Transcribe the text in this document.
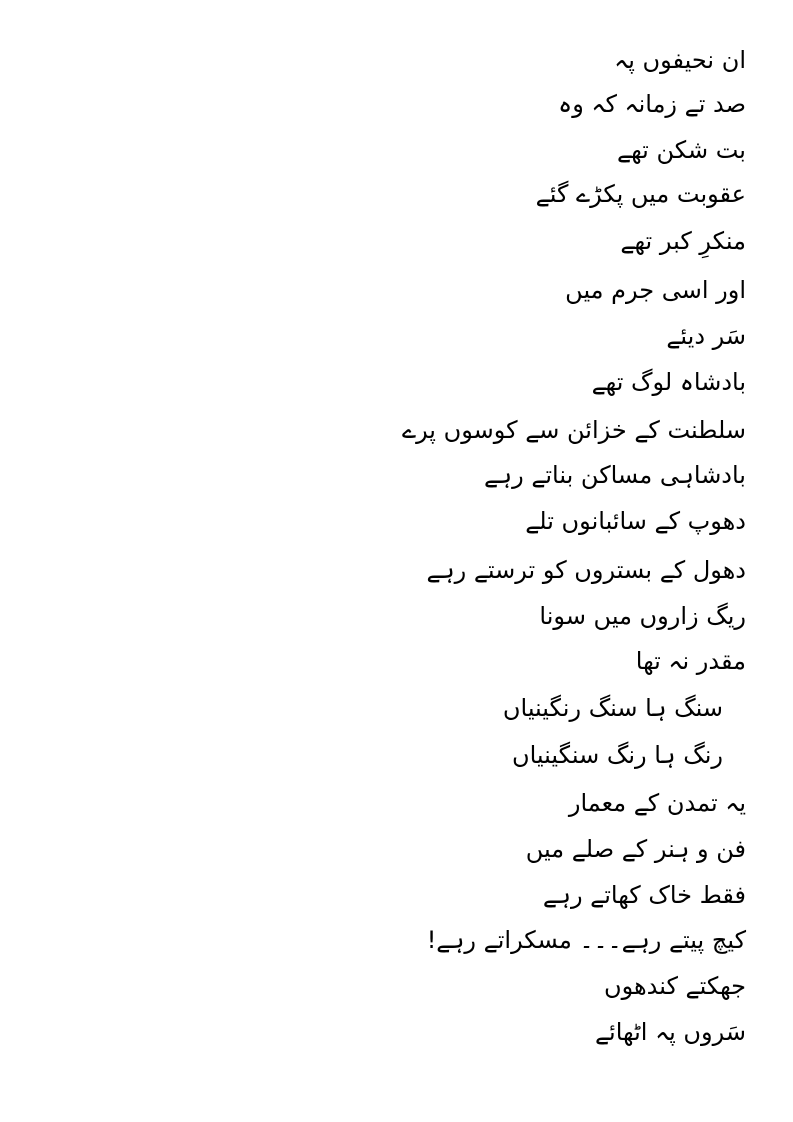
ان نحیفوں پہ
صد تے زمانہ کہ وہ
بت شکن تھے
عقوبت میں پکڑے گئے
منکرِ کبر تھے
اور اسی جرم میں
سَر دیئے
بادشاہ لوگ تھے
سلطنت کے خزائن سے کوسوں پرے
بادشاہی مساکن بناتے رہے
دھوپ کے سائبانوں تلے
دھول کے بستروں کو ترستے رہے
ریگ زاروں میں سونا
مقدر نہ تھا
سنگ ہا سنگ رنگینیاں
رنگ ہا رنگ سنگینیاں
یہ تمدن کے معمار
فن و ہنر کے صلے میں
فقط خاک کھاتے رہے
کیچ پیتے رہے۔۔۔ مسکراتے رہے!
جھکتے کندھوں
سَروں پہ اٹھائے
